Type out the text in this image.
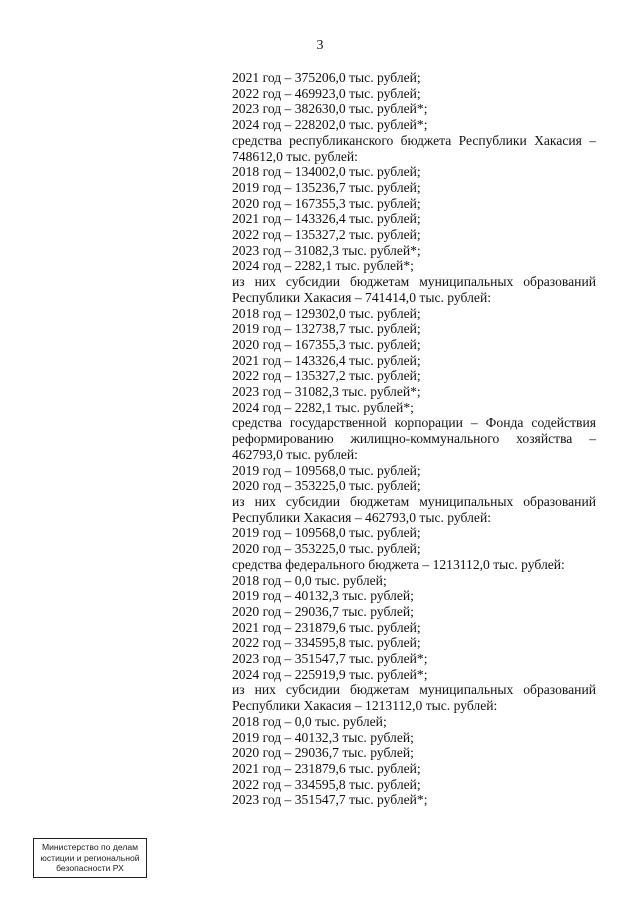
3
2021 год – 375206,0 тыс. рублей;
2022 год – 469923,0 тыс. рублей;
2023 год – 382630,0 тыс. рублей*;
2024 год – 228202,0 тыс. рублей*;
средства республиканского бюджета Республики Хакасия – 748612,0 тыс. рублей:
2018 год – 134002,0 тыс. рублей;
2019 год – 135236,7 тыс. рублей;
2020 год – 167355,3 тыс. рублей;
2021 год – 143326,4 тыс. рублей;
2022 год – 135327,2 тыс. рублей;
2023 год – 31082,3 тыс. рублей*;
2024 год – 2282,1 тыс. рублей*;
из них субсидии бюджетам муниципальных образований Республики Хакасия – 741414,0 тыс. рублей:
2018 год – 129302,0 тыс. рублей;
2019 год – 132738,7 тыс. рублей;
2020 год – 167355,3 тыс. рублей;
2021 год – 143326,4 тыс. рублей;
2022 год – 135327,2 тыс. рублей;
2023 год – 31082,3 тыс. рублей*;
2024 год – 2282,1 тыс. рублей*;
средства государственной корпорации – Фонда содействия реформированию жилищно-коммунального хозяйства – 462793,0 тыс. рублей:
2019 год – 109568,0 тыс. рублей;
2020 год – 353225,0 тыс. рублей;
из них субсидии бюджетам муниципальных образований Республики Хакасия – 462793,0 тыс. рублей:
2019 год – 109568,0 тыс. рублей;
2020 год – 353225,0 тыс. рублей;
средства федерального бюджета – 1213112,0 тыс. рублей:
2018 год – 0,0 тыс. рублей;
2019 год – 40132,3 тыс. рублей;
2020 год – 29036,7 тыс. рублей;
2021 год – 231879,6 тыс. рублей;
2022 год – 334595,8 тыс. рублей;
2023 год – 351547,7 тыс. рублей*;
2024 год – 225919,9 тыс. рублей*;
из них субсидии бюджетам муниципальных образований Республики Хакасия – 1213112,0 тыс. рублей:
2018 год – 0,0 тыс. рублей;
2019 год – 40132,3 тыс. рублей;
2020 год – 29036,7 тыс. рублей;
2021 год – 231879,6 тыс. рублей;
2022 год – 334595,8 тыс. рублей;
2023 год – 351547,7 тыс. рублей*;
Министерство по делам
юстиции и региональной
безопасности РХ
